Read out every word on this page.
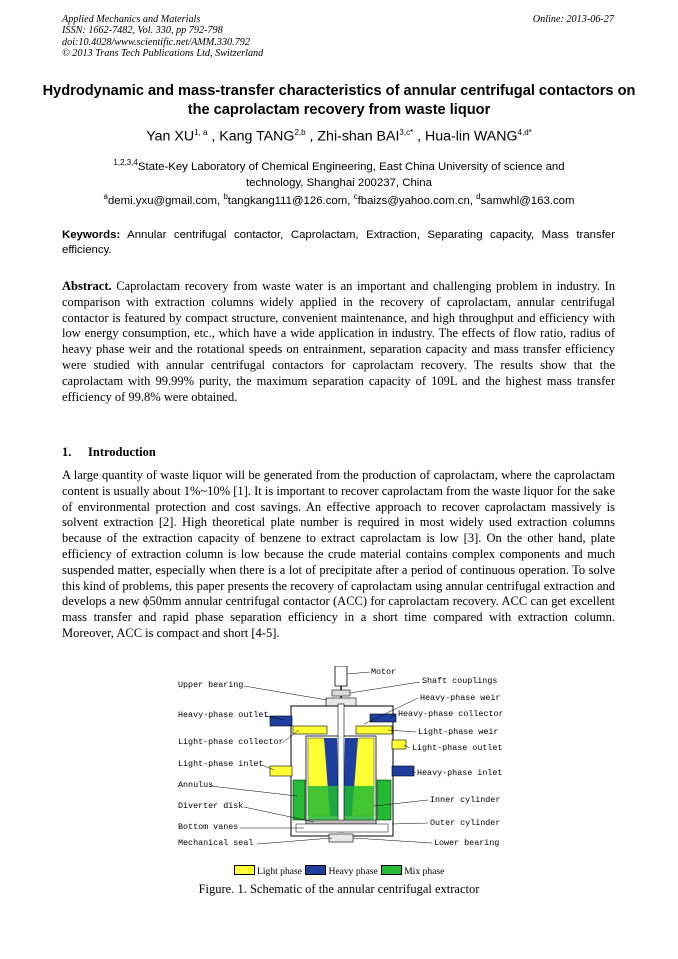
Applied Mechanics and Materials
ISSN: 1662-7482, Vol. 330, pp 792-798
doi:10.4028/www.scientific.net/AMM.330.792
© 2013 Trans Tech Publications Ltd, Switzerland
Online: 2013-06-27
Hydrodynamic and mass-transfer characteristics of annular centrifugal contactors on the caprolactam recovery from waste liquor
Yan XU$^{1, a}$ , Kang TANG$^{2,b}$ , Zhi-shan $BAI^{3,c*}$ , Hua-lin $WANG^{4,d*}$
$^{1,2,3,4}$State-Key Laboratory of Chemical Engineering, East China University of science and technology, Shanghai 200237, China
$^a$demi.yxu@gmail.com, $^b$tangkang111@126.com, $^c$fbaizs@yahoo.com.cn, $^d$samwhl@163.com
Keywords: Annular centrifugal contactor, Caprolactam, Extraction, Separating capacity, Mass transfer efficiency.
Abstract. Caprolactam recovery from waste water is an important and challenging problem in industry. In comparison with extraction columns widely applied in the recovery of caprolactam, annular centrifugal contactor is featured by compact structure, convenient maintenance, and high throughput and efficiency with low energy consumption, etc., which have a wide application in industry. The effects of flow ratio, radius of heavy phase weir and the rotational speeds on entrainment, separation capacity and mass transfer efficiency were studied with annular centrifugal contactors for caprolactam recovery. The results show that the caprolactam with 99.99% purity, the maximum separation capacity of 109L and the highest mass transfer efficiency of 99.8% were obtained.
1. Introduction
A large quantity of waste liquor will be generated from the production of caprolactam, where the caprolactam content is usually about 1%~10% [1]. It is important to recover caprolactam from the waste liquor for the sake of environmental protection and cost savings. An effective approach to recover caprolactam massively is solvent extraction [2]. High theoretical plate number is required in most widely used extraction columns because of the extraction capacity of benzene to extract caprolactam is low [3]. On the other hand, plate efficiency of extraction column is low because the crude material contains complex components and much suspended matter, especially when there is a lot of precipitate after a period of continuous operation. To solve this kind of problems, this paper presents the recovery of caprolactam using annular centrifugal extraction and develops a new ϕ50mm annular centrifugal contactor (ACC) for caprolactam recovery. ACC can get excellent mass transfer and rapid phase separation efficiency in a short time compared with extraction column. Moreover, ACC is compact and short [4-5].
Upper bearing
Heavy-phase outlet
Light-phase collector
Light-phase inlet
Annulus
Diverter disk
Bottom vanes
Mechanical seal
Motor
Shaft couplings
Heavy-phase weir
Heavy-phase collector
Light-phase weir
Light-phase outlet
Heavy-phase inlet
Inner cylinder
Outer cylinder
Lower bearing
Light phase	Heavy phase	Mix phase
Figure. 1. Schematic of the annular centrifugal extractor
